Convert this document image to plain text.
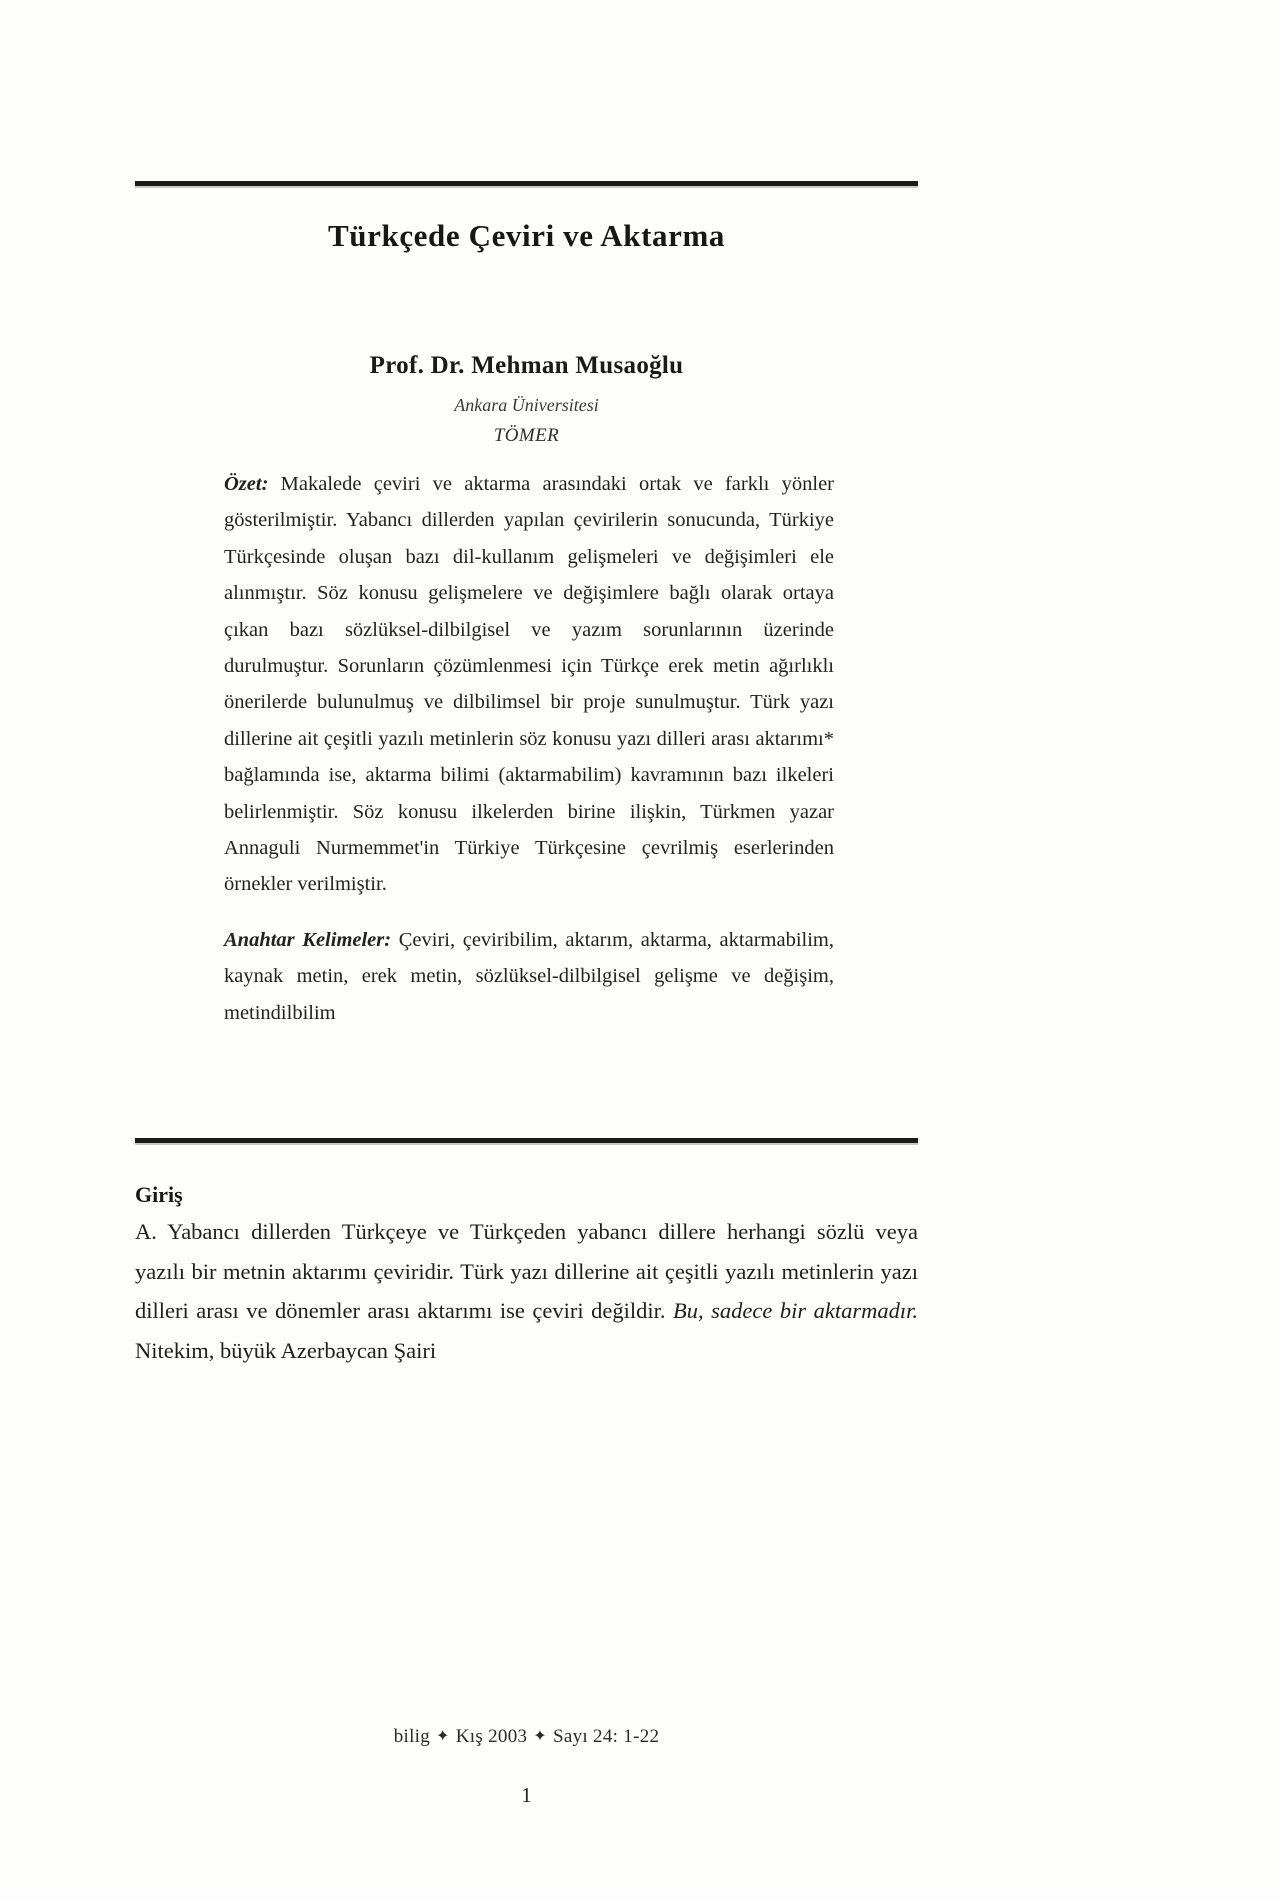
Türkçede Çeviri ve Aktarma
Prof. Dr. Mehman Musaoğlu
Ankara Üniversitesi
TÖMER
Özet: Makalede çeviri ve aktarma arasındaki ortak ve farklı yönler gösterilmiştir. Yabancı dillerden yapılan çevirilerin sonucunda, Türkiye Türkçesinde oluşan bazı dil-kullanım gelişmeleri ve değişimleri ele alınmıştır. Söz konusu gelişmelere ve değişimlere bağlı olarak ortaya çıkan bazı sözlüksel-dilbilgisel ve yazım sorunlarının üzerinde durulmuştur. Sorunların çözümlenmesi için Türkçe erek metin ağırlıklı önerilerde bulunulmuş ve dilbilimsel bir proje sunulmuştur. Türk yazı dillerine ait çeşitli yazılı metinlerin söz konusu yazı dilleri arası aktarımı* bağlamında ise, aktarma bilimi (aktarmabilim) kavramının bazı ilkeleri belirlenmiştir. Söz konusu ilkelerden birine ilişkin, Türkmen yazar Annaguli Nurmemmet'in Türkiye Türkçesine çevrilmiş eserlerinden örnekler verilmiştir.
Anahtar Kelimeler: Çeviri, çeviribilim, aktarım, aktarma, aktarmabilim, kaynak metin, erek metin, sözlüksel-dilbilgisel gelişme ve değişim, metindilbilim
Giriş
A. Yabancı dillerden Türkçeye ve Türkçeden yabancı dillere herhangi sözlü veya yazılı bir metnin aktarımı çeviridir. Türk yazı dillerine ait çeşitli yazılı metinlerin yazı dilleri arası ve dönemler arası aktarımı ise çeviri değildir. Bu, sadece bir aktarmadır. Nitekim, büyük Azerbaycan Şairi
bilig ✦ Kış 2003 ✦ Sayı 24: 1-22
1
